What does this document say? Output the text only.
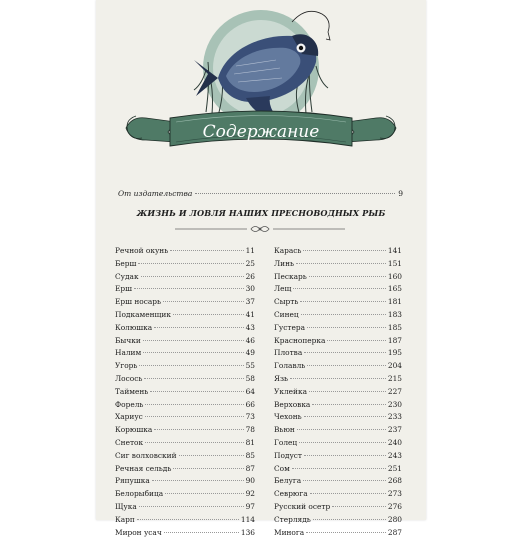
Содержание
От издательства	9
ЖИЗНЬ И ЛОВЛЯ НАШИХ ПРЕСНОВОДНЫХ РЫБ
Речной окунь	11
Берш	25
Судак	26
Ерш	30
Ерш носарь	37
Подкаменщик	41
Колюшка	43
Бычки	46
Налим	49
Угорь	55
Лосось	58
Таймень	64
Форель	66
Хариус	73
Корюшка	78
Снеток	81
Сиг волховский	85
Речная сельдь	87
Ряпушка	90
Белорыбица	92
Щука	97
Карп	114
Мирон усач	136
Карась	141
Линь	151
Пескарь	160
Лещ	165
Сырть	181
Синец	183
Густера	185
Красноперка	187
Плотва	195
Голавль	204
Язь	215
Уклейка	227
Верховка	230
Чехонь	233
Вьюн	237
Голец	240
Подуст	243
Сом	251
Белуга	268
Севрюга	273
Русский осетр	276
Стерлядь	280
Минога	287
